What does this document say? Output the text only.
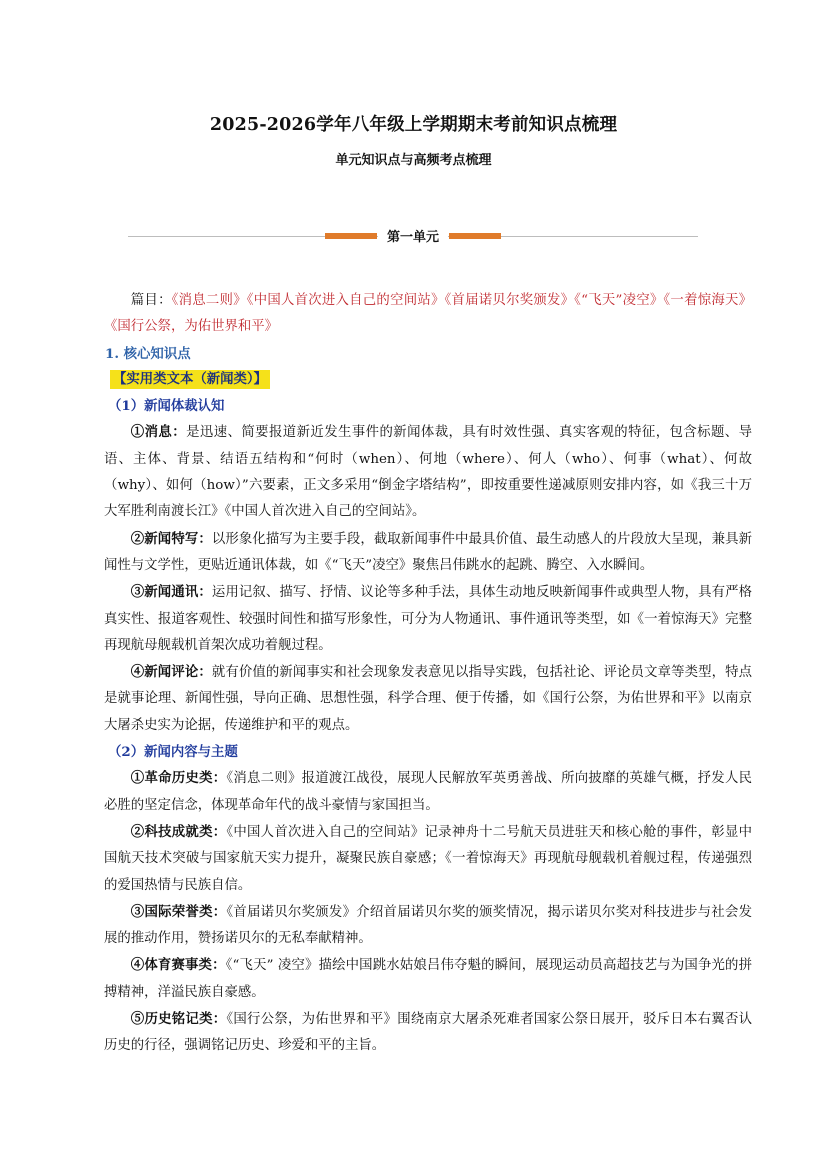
2025-2026学年八年级上学期期末考前知识点梳理
单元知识点与高频考点梳理
第一单元

篇目：《消息二则》《中国人首次进入自己的空间站》《首届诺贝尔奖颁发》《“飞天”凌空》《一着惊海天》《国行公祭，为佑世界和平》

1. 核心知识点
【实用类文本（新闻类）】
（1）新闻体裁认知

①消息：是迅速、简要报道新近发生事件的新闻体裁，具有时效性强、真实客观的特征，包含标题、导语、主体、背景、结语五结构和“何时（when）、何地（where）、何人（who）、何事（what）、何故（why）、如何（how）”六要素，正文多采用“倒金字塔结构”，即按重要性递减原则安排内容，如《我三十万大军胜利南渡长江》《中国人首次进入自己的空间站》。

②新闻特写：以形象化描写为主要手段，截取新闻事件中最具价值、最生动感人的片段放大呈现，兼具新闻性与文学性，更贴近通讯体裁，如《“飞天”凌空》聚焦吕伟跳水的起跳、腾空、入水瞬间。

③新闻通讯：运用记叙、描写、抒情、议论等多种手法，具体生动地反映新闻事件或典型人物，具有严格真实性、报道客观性、较强时间性和描写形象性，可分为人物通讯、事件通讯等类型，如《一着惊海天》完整再现航母舰载机首架次成功着舰过程。

④新闻评论：就有价值的新闻事实和社会现象发表意见以指导实践，包括社论、评论员文章等类型，特点是就事论理、新闻性强，导向正确、思想性强，科学合理、便于传播，如《国行公祭，为佑世界和平》以南京大屠杀史实为论据，传递维护和平的观点。

（2）新闻内容与主题

①革命历史类：《消息二则》报道渡江战役，展现人民解放军英勇善战、所向披靡的英雄气概，抒发人民必胜的坚定信念，体现革命年代的战斗豪情与家国担当。

②科技成就类：《中国人首次进入自己的空间站》记录神舟十二号航天员进驻天和核心舱的事件，彰显中国航天技术突破与国家航天实力提升，凝聚民族自豪感；《一着惊海天》再现航母舰载机着舰过程，传递强烈的爱国热情与民族自信。

③国际荣誉类：《首届诺贝尔奖颁发》介绍首届诺贝尔奖的颁奖情况，揭示诺贝尔奖对科技进步与社会发展的推动作用，赞扬诺贝尔的无私奉献精神。

④体育赛事类：《“飞天” 凌空》描绘中国跳水姑娘吕伟夺魁的瞬间，展现运动员高超技艺与为国争光的拼搏精神，洋溢民族自豪感。

⑤历史铭记类：《国行公祭，为佑世界和平》围绕南京大屠杀死难者国家公祭日展开，驳斥日本右翼否认历史的行径，强调铭记历史、珍爱和平的主旨。
